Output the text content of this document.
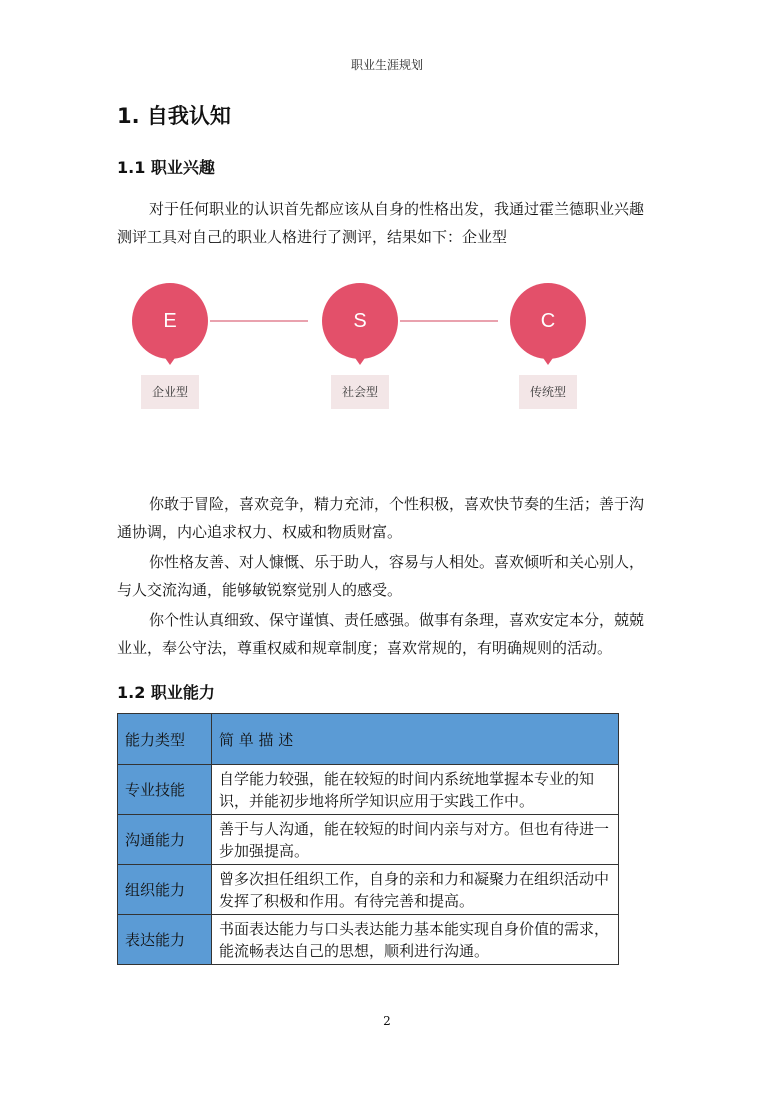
职业生涯规划
1. 自我认知
1.1 职业兴趣

对于任何职业的认识首先都应该从自身的性格出发，我通过霍兰德职业兴趣测评工具对自己的职业人格进行了测评，结果如下：企业型

E
企业型
S
社会型
C
传统型

你敢于冒险，喜欢竞争，精力充沛，个性积极，喜欢快节奏的生活；善于沟通协调，内心追求权力、权威和物质财富。

你性格友善、对人慷慨、乐于助人，容易与人相处。喜欢倾听和关心别人，与人交流沟通，能够敏锐察觉别人的感受。

你个性认真细致、保守谨慎、责任感强。做事有条理，喜欢安定本分，兢兢业业，奉公守法，尊重权威和规章制度；喜欢常规的，有明确规则的活动。

1.2 职业能力
能力类型	简 单 描 述
专业技能	自学能力较强，能在较短的时间内系统地掌握本专业的知识，并能初步地将所学知识应用于实践工作中。
沟通能力	善于与人沟通，能在较短的时间内亲与对方。但也有待进一步加强提高。
组织能力	曾多次担任组织工作，自身的亲和力和凝聚力在组织活动中发挥了积极和作用。有待完善和提高。
表达能力	书面表达能力与口头表达能力基本能实现自身价值的需求，能流畅表达自己的思想，顺利进行沟通。
2
